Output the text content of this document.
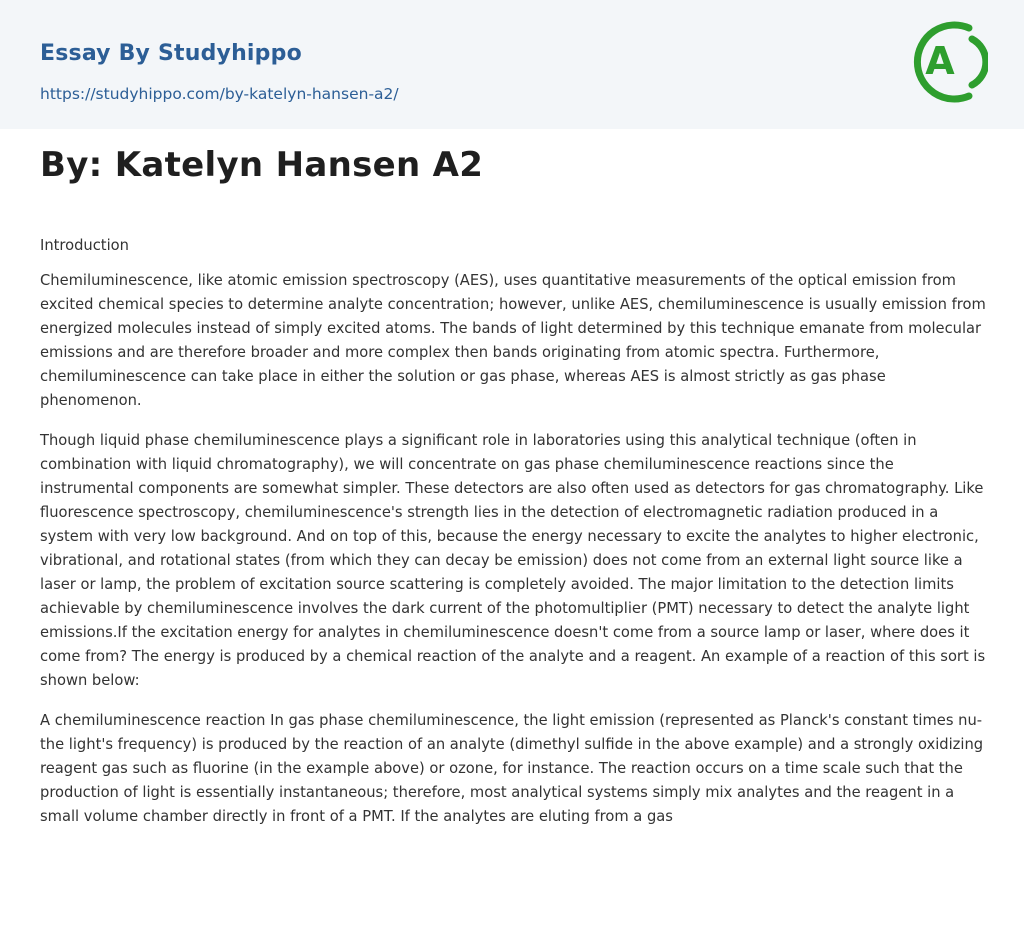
Essay By Studyhippo
https://studyhippo.com/by-katelyn-hansen-a2/
A
By: Katelyn Hansen A2

Introduction

Chemiluminescence, like atomic emission spectroscopy (AES), uses quantitative measurements of the optical emission from excited chemical species to determine analyte concentration; however, unlike AES, chemiluminescence is usually emission from energized molecules instead of simply excited atoms. The bands of light determined by this technique emanate from molecular emissions and are therefore broader and more complex then bands originating from atomic spectra. Furthermore, chemiluminescence can take place in either the solution or gas phase, whereas AES is almost strictly as gas phase phenomenon.

Though liquid phase chemiluminescence plays a significant role in laboratories using this analytical technique (often in combination with liquid chromatography), we will concentrate on gas phase chemiluminescence reactions since the instrumental components are somewhat simpler. These detectors are also often used as detectors for gas chromatography. Like fluorescence spectroscopy, chemiluminescence's strength lies in the detection of electromagnetic radiation produced in a system with very low background. And on top of this, because the energy necessary to excite the analytes to higher electronic, vibrational, and rotational states (from which they can decay be emission) does not come from an external light source like a laser or lamp, the problem of excitation source scattering is completely avoided. The major limitation to the detection limits achievable by chemiluminescence involves the dark current of the photomultiplier (PMT) necessary to detect the analyte light emissions.If the excitation energy for analytes in chemiluminescence doesn't come from a source lamp or laser, where does it come from? The energy is produced by a chemical reaction of the analyte and a reagent. An example of a reaction of this sort is shown below:

A chemiluminescence reaction In gas phase chemiluminescence, the light emission (represented as Planck's constant times nu-the light's frequency) is produced by the reaction of an analyte (dimethyl sulfide in the above example) and a strongly oxidizing reagent gas such as fluorine (in the example above) or ozone, for instance. The reaction occurs on a time scale such that the production of light is essentially instantaneous; therefore, most analytical systems simply mix analytes and the reagent in a small volume chamber directly in front of a PMT. If the analytes are eluting from a gas
